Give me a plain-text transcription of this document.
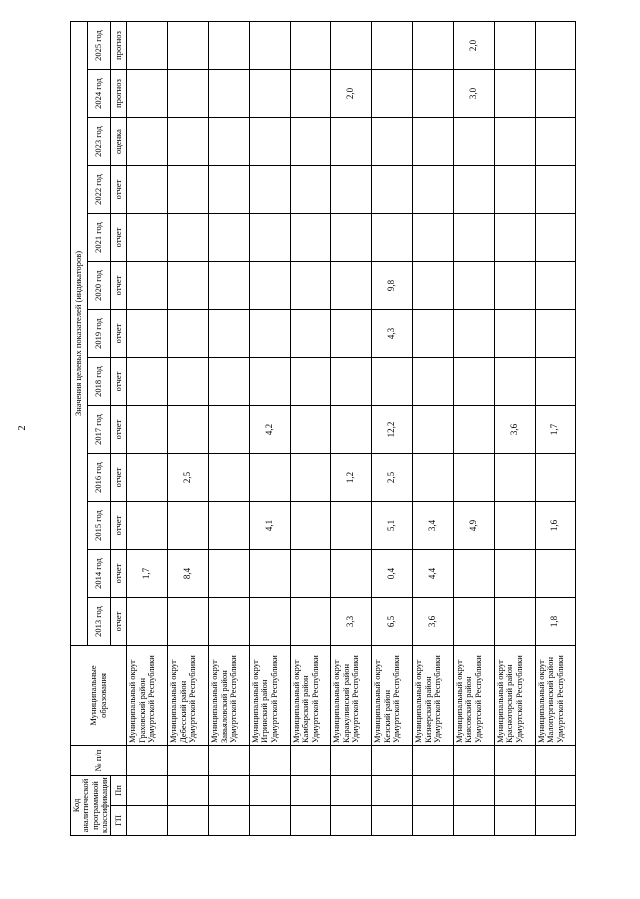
2
Код аналитической программной классификации		№ п/п	Муниципальные образования	Значения целевых показателей (индикаторов)												
				2013 год	2014 год	2015 год	2016 год	2017 год	2018 год	2019 год	2020 год	2021 год	2022 год	2023 год	2024 год	2025 год
ГП	Пп			отчет	отчет	отчет	отчет	отчет	отчет	отчет	отчет	отчет	отчет	оценка	прогноз	прогноз
			Муниципальный округ Граховский район Удмуртской Республики		1,7											
			Муниципальный округ Дебесский район Удмуртской Республики		8,4		2,5									
			Муниципальный округ Завьяловский район Удмуртской Республики													
			Муниципальный округ Игринский район Удмуртской Республики			4,1		4,2								
			Муниципальный округ Камбарский район Удмуртской Республики													
			Муниципальный округ Каракулинский район Удмуртской Республики	3,3			1,2								2,0	
			Муниципальный округ Кезский район Удмуртской Республики	6,5	0,4	5,1	2,5	12,2		4,3	9,8					
			Муниципальный округ Кизнерский район Удмуртской Республики	3,6	4,4	3,4										
			Муниципальный округ Киясовский район Удмуртской Республики			4,9									3,0	2,0
			Муниципальный округ Красногорский район Удмуртской Республики					3,6								
			Муниципальный округ Малопургинский район Удмуртской Республики	1,8		1,6		1,7								
